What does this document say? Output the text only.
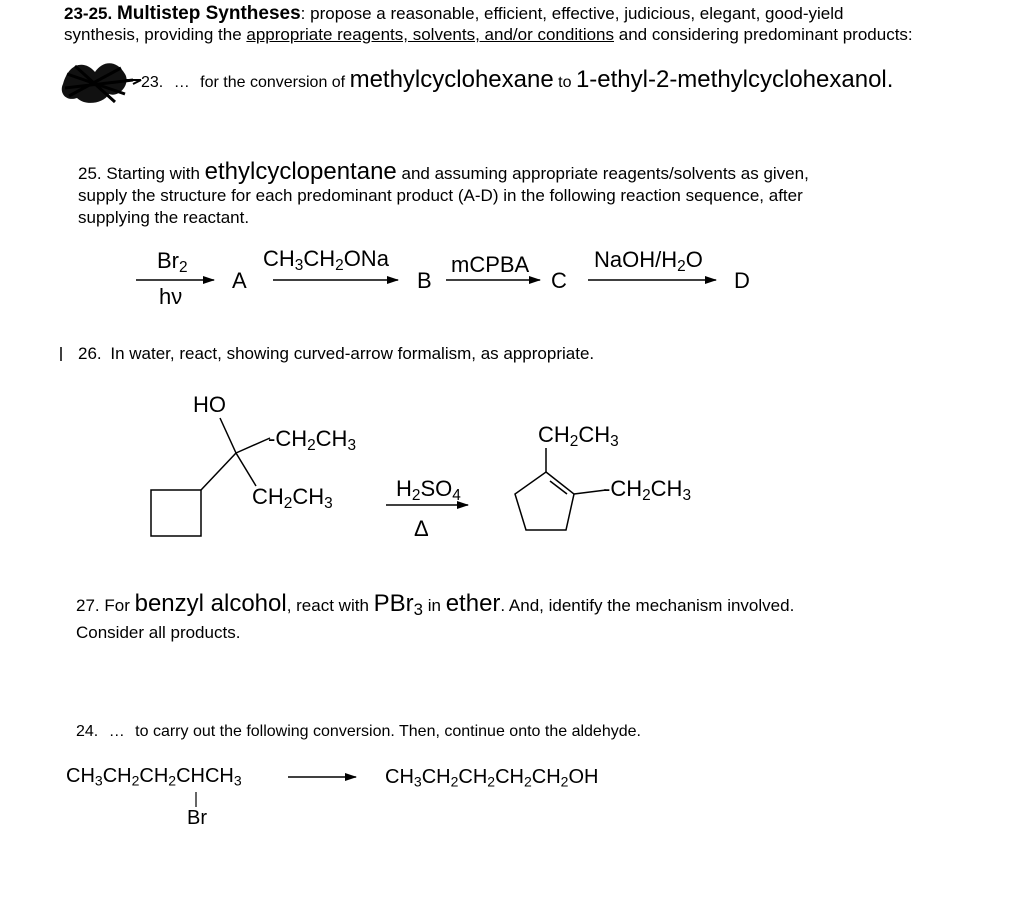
23-25. Multistep Syntheses: propose a reasonable, efficient, effective, judicious, elegant, good-yield
synthesis, providing the appropriate reagents, solvents, and/or conditions and considering predominant products:
23. … for the conversion of methylcyclohexane to 1-ethyl-2-methylcyclohexanol.
25. Starting with ethylcyclopentane and assuming appropriate reagents/solvents as given,
supply the structure for each predominant product (A-D) in the following reaction sequence, after
supplying the reactant.
$Br_2$
hν
A
$CH_3CH_2ONa$
B
mCPBA
C
NaOH/$H_2O$
D
26. In water, react, showing curved-arrow formalism, as appropriate.
HO
$-CH_2CH_3$
$CH_2CH_3$
$H_2SO_4$
Δ
$CH_2CH_3$
$-CH_2CH_3$
27. For benzyl alcohol, react with PBr$_3$ in ether. And, identify the mechanism involved.
Consider all products.
24. … to carry out the following conversion. Then, continue onto the aldehyde.
$CH_3CH_2CH_2CHCH_3$
Br
$CH_3CH_2CH_2CH_2CH_2OH$
